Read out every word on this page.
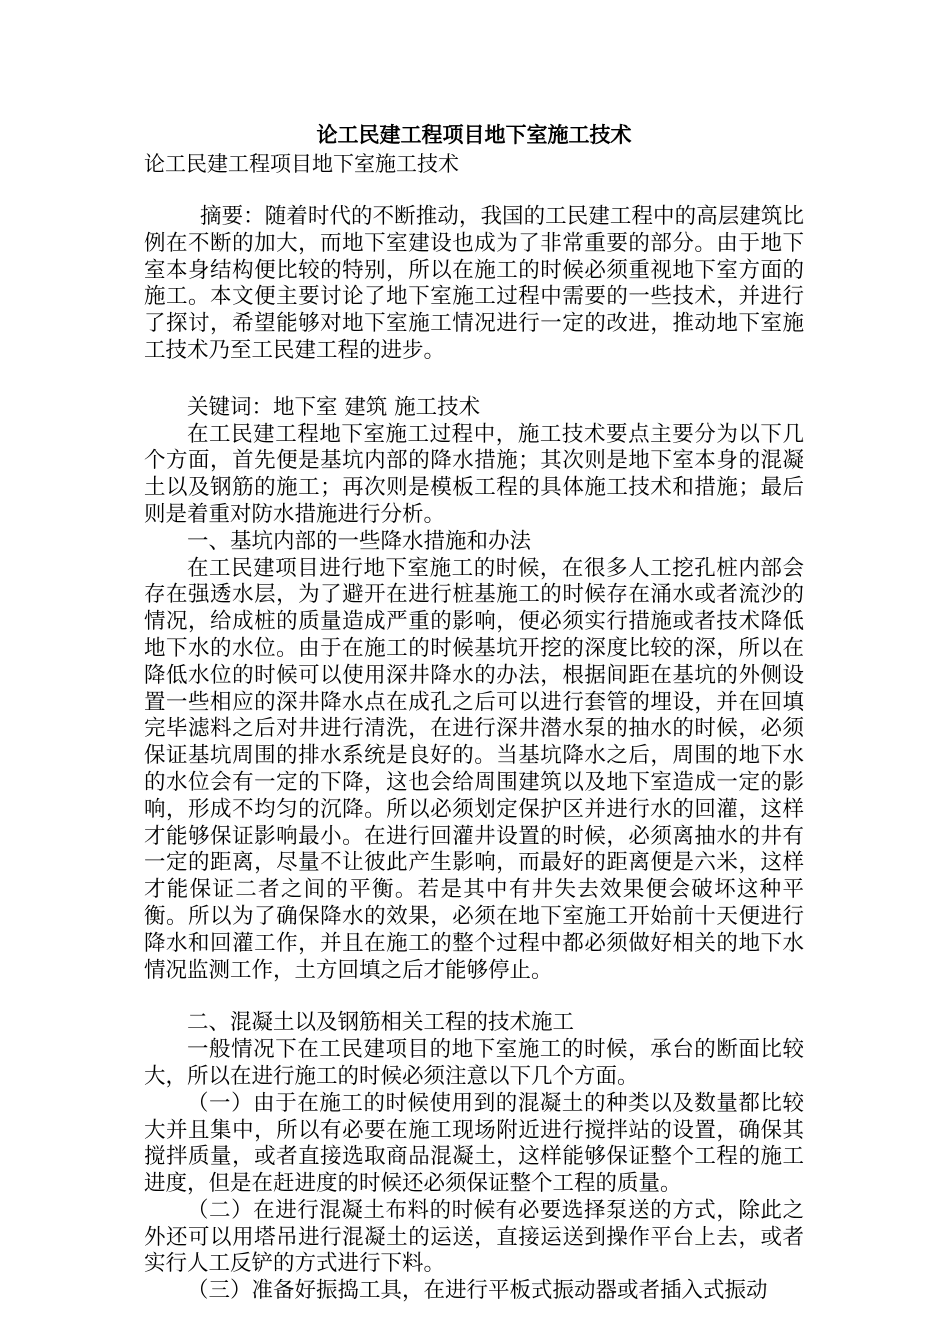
论工民建工程项目地下室施工技术

论工民建工程项目地下室施工技术

摘要：随着时代的不断推动，我国的工民建工程中的高层建筑比例在不断的加大，而地下室建设也成为了非常重要的部分。由于地下室本身结构便比较的特别，所以在施工的时候必须重视地下室方面的施工。本文便主要讨论了地下室施工过程中需要的一些技术，并进行了探讨，希望能够对地下室施工情况进行一定的改进，推动地下室施工技术乃至工民建工程的进步。

关键词：地下室 建筑 施工技术

在工民建工程地下室施工过程中，施工技术要点主要分为以下几个方面，首先便是基坑内部的降水措施；其次则是地下室本身的混凝土以及钢筋的施工；再次则是模板工程的具体施工技术和措施；最后则是着重对防水措施进行分析。

一、基坑内部的一些降水措施和办法

在工民建项目进行地下室施工的时候，在很多人工挖孔桩内部会存在强透水层，为了避开在进行桩基施工的时候存在涌水或者流沙的情况，给成桩的质量造成严重的影响，便必须实行措施或者技术降低地下水的水位。由于在施工的时候基坑开挖的深度比较的深，所以在降低水位的时候可以使用深井降水的办法，根据间距在基坑的外侧设置一些相应的深井降水点在成孔之后可以进行套管的埋设，并在回填完毕滤料之后对井进行清洗，在进行深井潜水泵的抽水的时候，必须保证基坑周围的排水系统是良好的。当基坑降水之后，周围的地下水的水位会有一定的下降，这也会给周围建筑以及地下室造成一定的影响，形成不均匀的沉降。所以必须划定保护区并进行水的回灌，这样才能够保证影响最小。在进行回灌井设置的时候，必须离抽水的井有一定的距离，尽量不让彼此产生影响，而最好的距离便是六米，这样才能保证二者之间的平衡。若是其中有井失去效果便会破坏这种平衡。所以为了确保降水的效果，必须在地下室施工开始前十天便进行降水和回灌工作，并且在施工的整个过程中都必须做好相关的地下水情况监测工作，土方回填之后才能够停止。

二、混凝土以及钢筋相关工程的技术施工

一般情况下在工民建项目的地下室施工的时候，承台的断面比较大，所以在进行施工的时候必须注意以下几个方面。

（一）由于在施工的时候使用到的混凝土的种类以及数量都比较大并且集中，所以有必要在施工现场附近进行搅拌站的设置，确保其搅拌质量，或者直接选取商品混凝土，这样能够保证整个工程的施工进度，但是在赶进度的时候还必须保证整个工程的质量。

（二）在进行混凝土布料的时候有必要选择泵送的方式，除此之外还可以用塔吊进行混凝土的运送，直接运送到操作平台上去，或者实行人工反铲的方式进行下料。

（三）准备好振捣工具，在进行平板式振动器或者插入式振动
